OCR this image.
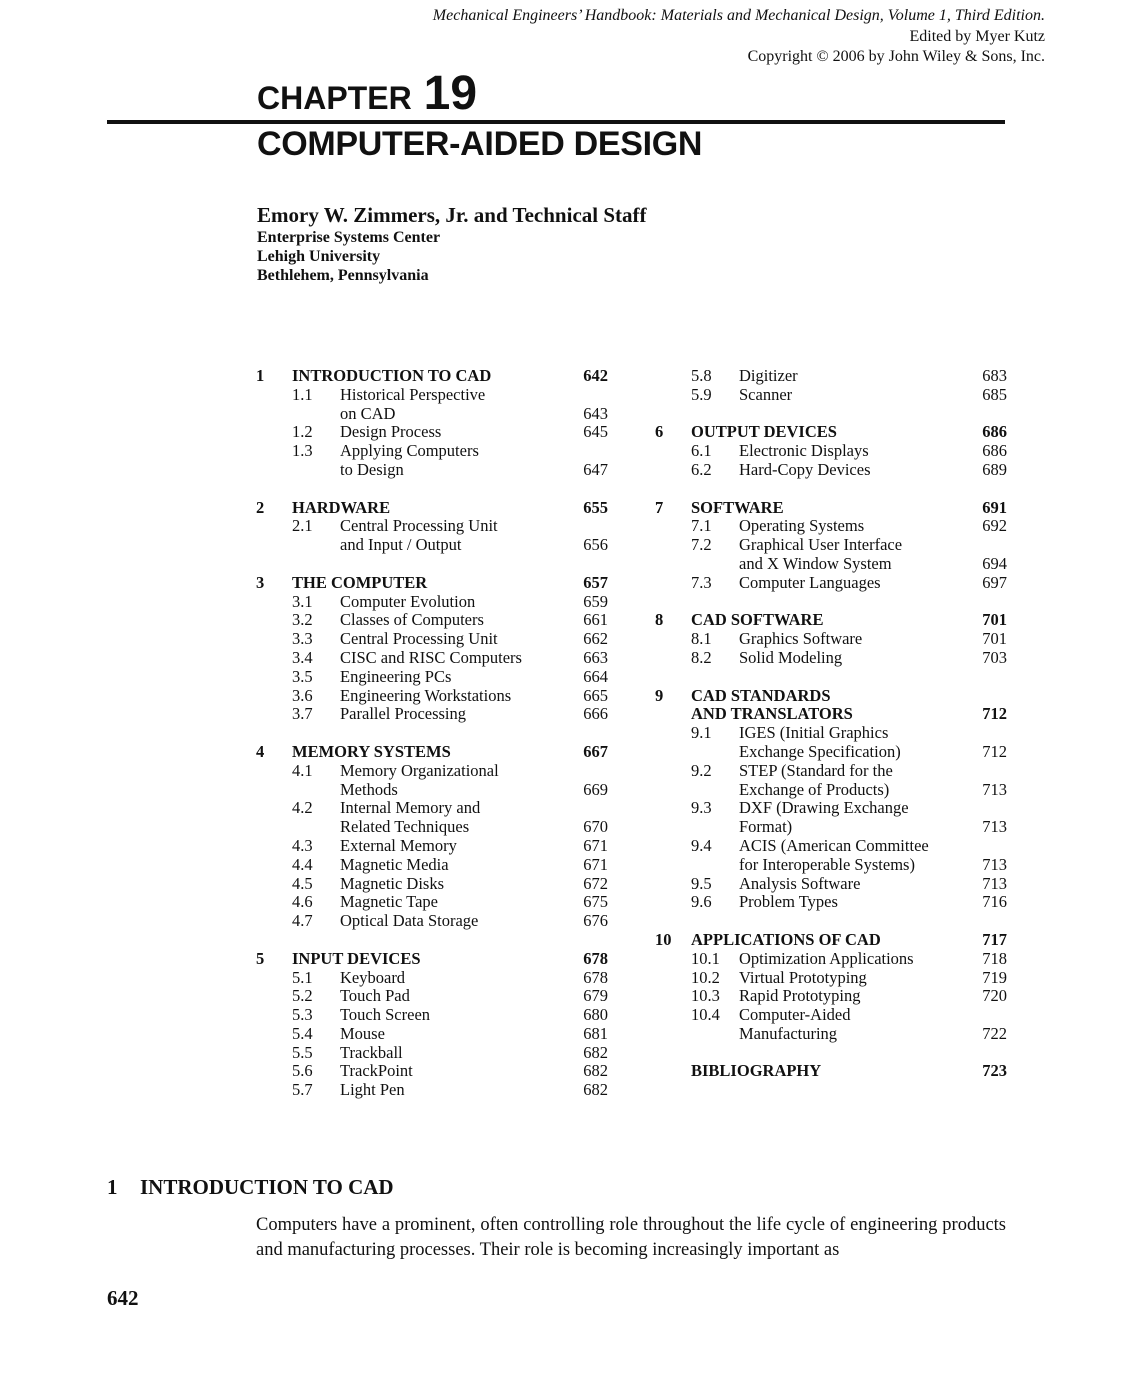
Mechanical Engineers’ Handbook: Materials and Mechanical Design, Volume 1, Third Edition.
Edited by Myer Kutz
Copyright © 2006 by John Wiley & Sons, Inc.
CHAPTER 19
COMPUTER-AIDED DESIGN
Emory W. Zimmers, Jr. and Technical Staff
Enterprise Systems Center
Lehigh University
Bethlehem, Pennsylvania
1 INTRODUCTION TO CAD	642
1.1 Historical Perspective
on CAD	643
1.2 Design Process	645
1.3 Applying Computers
to Design	647
2 HARDWARE	655
2.1 Central Processing Unit
and Input / Output	656
3 THE COMPUTER	657
3.1 Computer Evolution	659
3.2 Classes of Computers	661
3.3 Central Processing Unit	662
3.4 CISC and RISC Computers	663
3.5 Engineering PCs	664
3.6 Engineering Workstations	665
3.7 Parallel Processing	666
4 MEMORY SYSTEMS	667
4.1 Memory Organizational
Methods	669
4.2 Internal Memory and
Related Techniques	670
4.3 External Memory	671
4.4 Magnetic Media	671
4.5 Magnetic Disks	672
4.6 Magnetic Tape	675
4.7 Optical Data Storage	676
5 INPUT DEVICES	678
5.1 Keyboard	678
5.2 Touch Pad	679
5.3 Touch Screen	680
5.4 Mouse	681
5.5 Trackball	682
5.6 TrackPoint	682
5.7 Light Pen	682
5.8 Digitizer	683
5.9 Scanner	685
6 OUTPUT DEVICES	686
6.1 Electronic Displays	686
6.2 Hard-Copy Devices	689
7 SOFTWARE	691
7.1 Operating Systems	692
7.2 Graphical User Interface
and X Window System	694
7.3 Computer Languages	697
8 CAD SOFTWARE	701
8.1 Graphics Software	701
8.2 Solid Modeling	703
9 CAD STANDARDS
AND TRANSLATORS	712
9.1 IGES (Initial Graphics
Exchange Specification)	712
9.2 STEP (Standard for the
Exchange of Products)	713
9.3 DXF (Drawing Exchange
Format)	713
9.4 ACIS (American Committee
for Interoperable Systems)	713
9.5 Analysis Software	713
9.6 Problem Types	716
10 APPLICATIONS OF CAD	717
10.1 Optimization Applications	718
10.2 Virtual Prototyping	719
10.3 Rapid Prototyping	720
10.4 Computer-Aided
Manufacturing	722
BIBLIOGRAPHY	723
1 INTRODUCTION TO CAD
Computers have a prominent, often controlling role throughout the life cycle of engineering products and manufacturing processes. Their role is becoming increasingly important as
642
